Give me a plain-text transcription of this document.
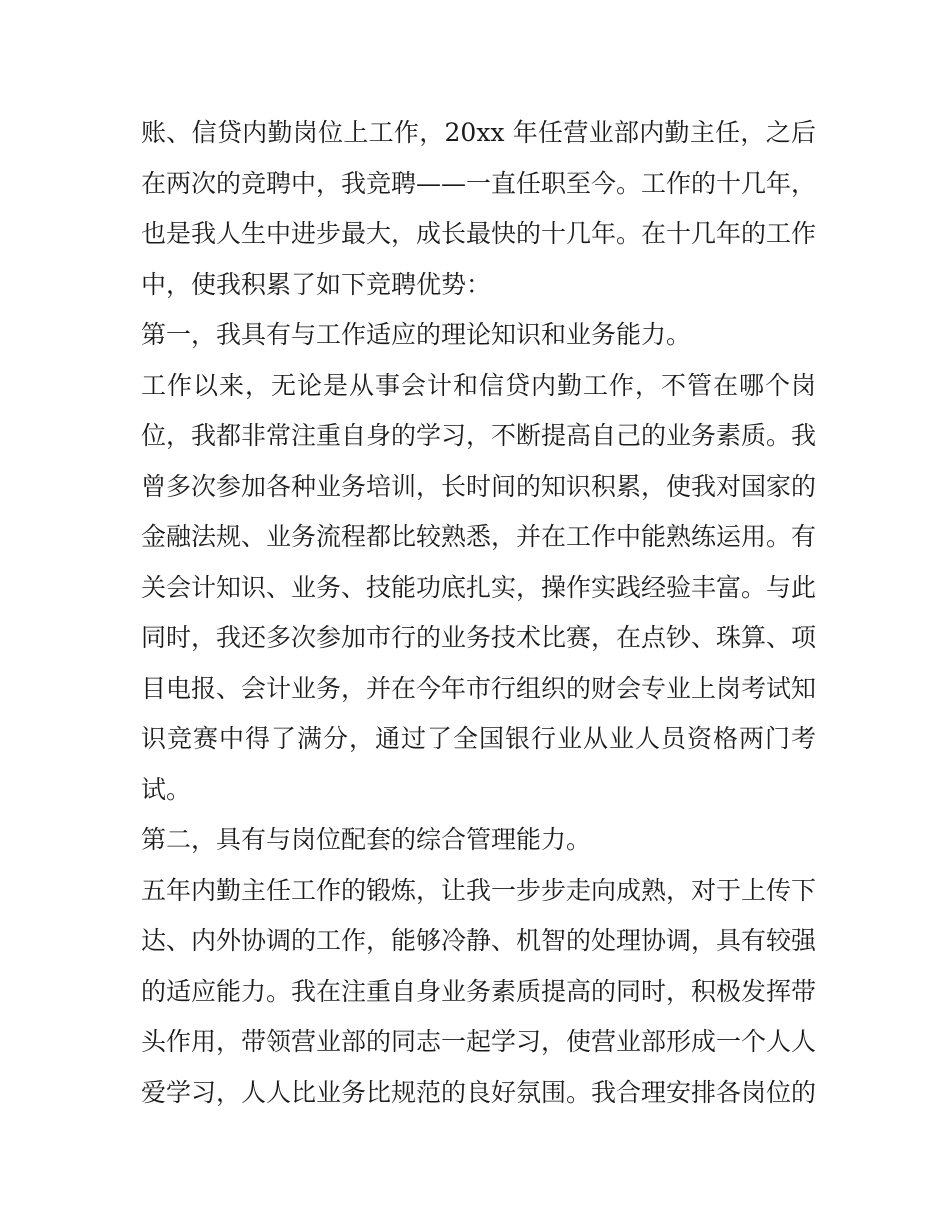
账、信贷内勤岗位上工作，20xx 年任营业部内勤主任，之后
在两次的竞聘中，我竞聘——一直任职至今。工作的十几年，
也是我人生中进步最大，成长最快的十几年。在十几年的工作
中，使我积累了如下竞聘优势：
第一，我具有与工作适应的理论知识和业务能力。
工作以来，无论是从事会计和信贷内勤工作，不管在哪个岗
位，我都非常注重自身的学习，不断提高自己的业务素质。我
曾多次参加各种业务培训，长时间的知识积累，使我对国家的
金融法规、业务流程都比较熟悉，并在工作中能熟练运用。有
关会计知识、业务、技能功底扎实，操作实践经验丰富。与此
同时，我还多次参加市行的业务技术比赛，在点钞、珠算、项
目电报、会计业务，并在今年市行组织的财会专业上岗考试知
识竞赛中得了满分，通过了全国银行业从业人员资格两门考
试。
第二，具有与岗位配套的综合管理能力。
五年内勤主任工作的锻炼，让我一步步走向成熟，对于上传下
达、内外协调的工作，能够冷静、机智的处理协调，具有较强
的适应能力。我在注重自身业务素质提高的同时，积极发挥带
头作用，带领营业部的同志一起学习，使营业部形成一个人人
爱学习，人人比业务比规范的良好氛围。我合理安排各岗位的
